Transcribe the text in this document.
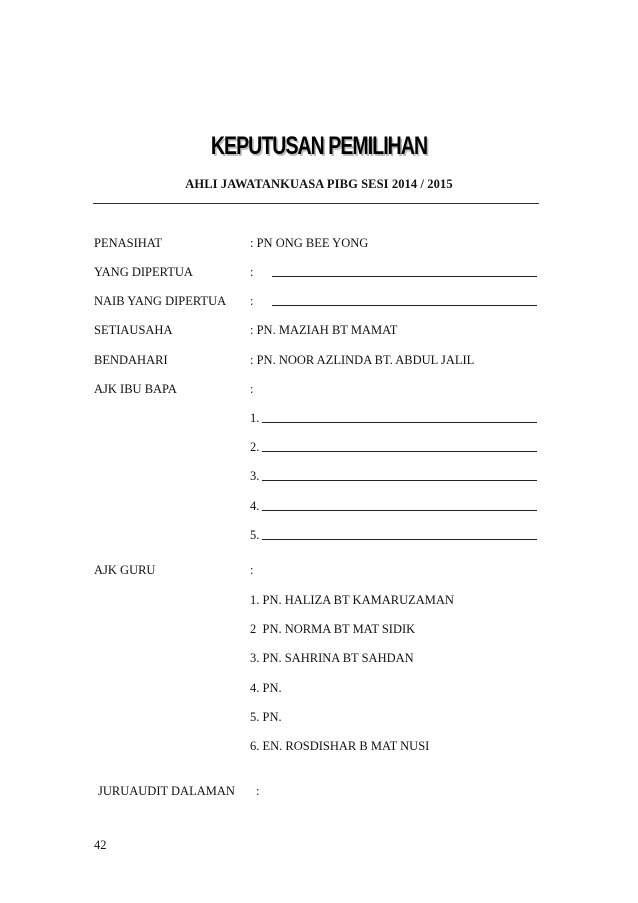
KEPUTUSAN PEMILIHAN
AHLI JAWATANKUASA PIBG SESI 2014 / 2015
PENASIHAT	: PN ONG BEE YONG
YANG DIPERTUA	:
NAIB YANG DIPERTUA :
SETIAUSAHA	: PN. MAZIAH BT MAMAT
BENDAHARI	: PN. NOOR AZLINDA BT. ABDUL JALIL
AJK IBU BAPA	:
1.
2.
3.
4.
5.
AJK GURU	:
1. PN. HALIZA BT KAMARUZAMAN
2  PN. NORMA BT MAT SIDIK
3. PN. SAHRINA BT SAHDAN
4. PN.
5. PN.
6. EN. ROSDISHAR B MAT NUSI
JURUAUDIT DALAMAN :
42
